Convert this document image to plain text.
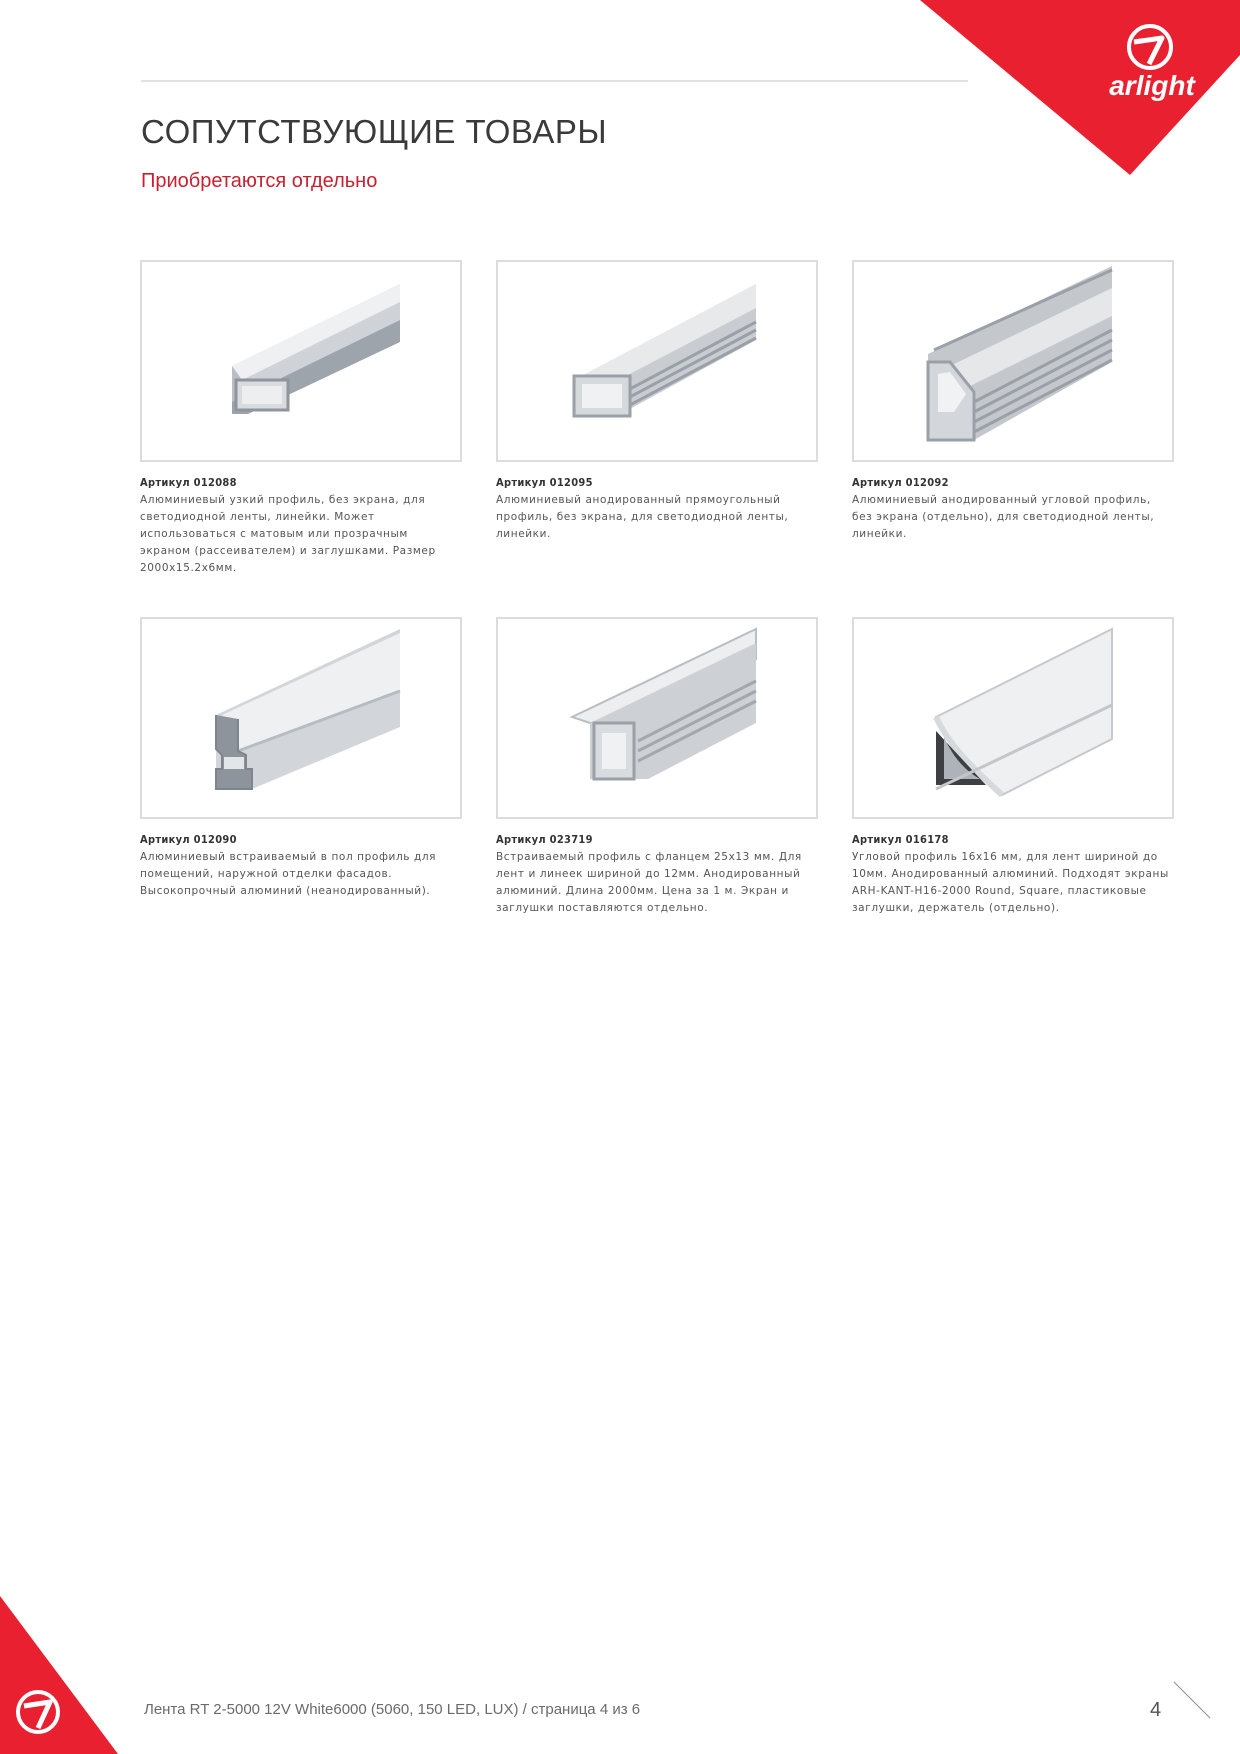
arlight
СОПУТСТВУЮЩИЕ ТОВАРЫ

Приобретаются отдельно

Артикул 012088
Алюминиевый узкий профиль, без экрана, для светодиодной ленты, линейки. Может использоваться с матовым или прозрачным экраном (рассеивателем) и заглушками. Размер 2000x15.2x6мм.
Артикул 012095
Алюминиевый анодированный прямоугольный профиль, без экрана, для светодиодной ленты, линейки.
Артикул 012092
Алюминиевый анодированный угловой профиль, без экрана (отдельно), для светодиодной ленты, линейки.
Артикул 012090
Алюминиевый встраиваемый в пол профиль для помещений, наружной отделки фасадов. Высокопрочный алюминий (неанодированный).
Артикул 023719
Встраиваемый профиль с фланцем 25x13 мм. Для лент и линеек шириной до 12мм. Анодированный алюминий. Длина 2000мм. Цена за 1 м. Экран и заглушки поставляются отдельно.
Артикул 016178
Угловой профиль 16x16 мм, для лент шириной до 10мм. Анодированный алюминий. Подходят экраны ARH-KANT-H16-2000 Round, Square, пластиковые заглушки, держатель (отдельно).
Лента RT 2-5000 12V White6000 (5060, 150 LED, LUX) / страница 4 из 6	4
